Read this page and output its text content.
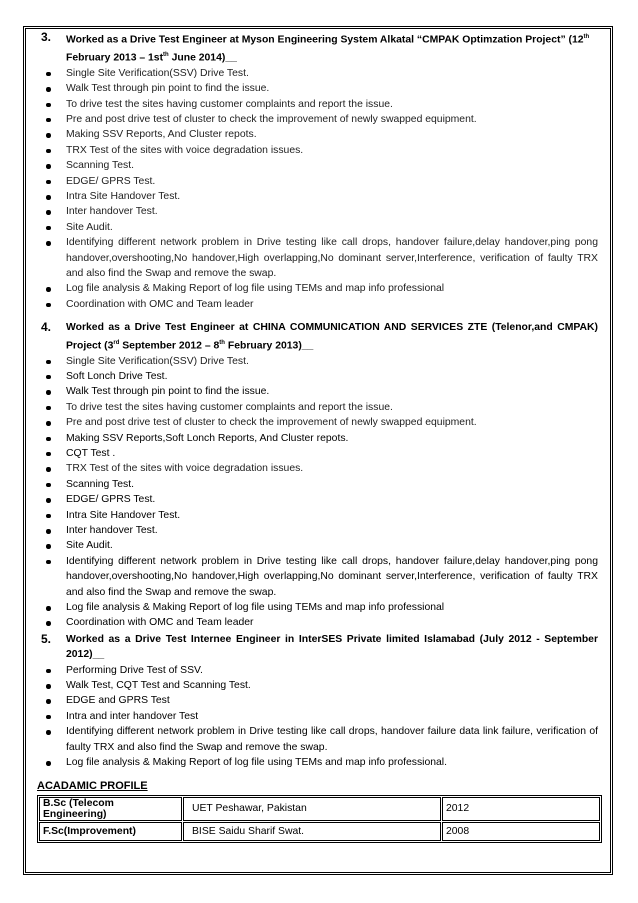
3.	Worked as a Drive Test Engineer at Myson Engineering System Alkatal “CMPAK Optimzation Project” (12th
February $2013 - 1st^{th}$ June 2014)__
Single Site Verification(SSV) Drive Test.
Walk Test through pin point to find the issue.
To drive test the sites having customer complaints and report the issue.
Pre and post drive test of cluster to check the improvement of newly swapped equipment.
Making SSV Reports, And Cluster repots.
TRX Test of the sites with voice degradation issues.
Scanning Test.
EDGE/ GPRS Test.
Intra Site Handover Test.
Inter handover Test.
Site Audit.
Identifying different network problem in Drive testing like call drops, handover failure,delay handover,ping pong handover,overshooting,No handover,High overlapping,No dominant server,Interference, verification of faulty TRX and also find the Swap and remove the swap.
Log file analysis & Making Report of log file using TEMs and map info professional
Coordination with OMC and Team leader
4.	Worked as a Drive Test Engineer at CHINA COMMUNICATION AND SERVICES ZTE (Telenor,and CMPAK) Project (3rd September 2012 – 8th February 2013)__
Single Site Verification(SSV) Drive Test.
Soft Lonch Drive Test.
Walk Test through pin point to find the issue.
To drive test the sites having customer complaints and report the issue.
Pre and post drive test of cluster to check the improvement of newly swapped equipment.
Making SSV Reports,Soft Lonch Reports, And Cluster repots.
CQT Test .
TRX Test of the sites with voice degradation issues.
Scanning Test.
EDGE/ GPRS Test.
Intra Site Handover Test.
Inter handover Test.
Site Audit.
Identifying different network problem in Drive testing like call drops, handover failure,delay handover,ping pong handover,overshooting,No handover,High overlapping,No dominant server,Interference, verification of faulty TRX and also find the Swap and remove the swap.
Log file analysis & Making Report of log file using TEMs and map info professional
Coordination with OMC and Team leader
5.	Worked as a Drive Test Internee Engineer in InterSES Private limited Islamabad (July 2012 - September 2012)__
Performing Drive Test of SSV.
Walk Test, CQT Test and Scanning Test.
EDGE and GPRS Test
Intra and inter handover Test
Identifying different network problem in Drive testing like call drops, handover failure data link failure, verification of faulty TRX and also find the Swap and remove the swap.
Log file analysis & Making Report of log file using TEMs and map info professional.
ACADAMIC PROFILE
B.Sc (Telecom Engineering)	UET Peshawar, Pakistan	2012
F.Sc(Improvement)	BISE Saidu Sharif Swat.	2008
